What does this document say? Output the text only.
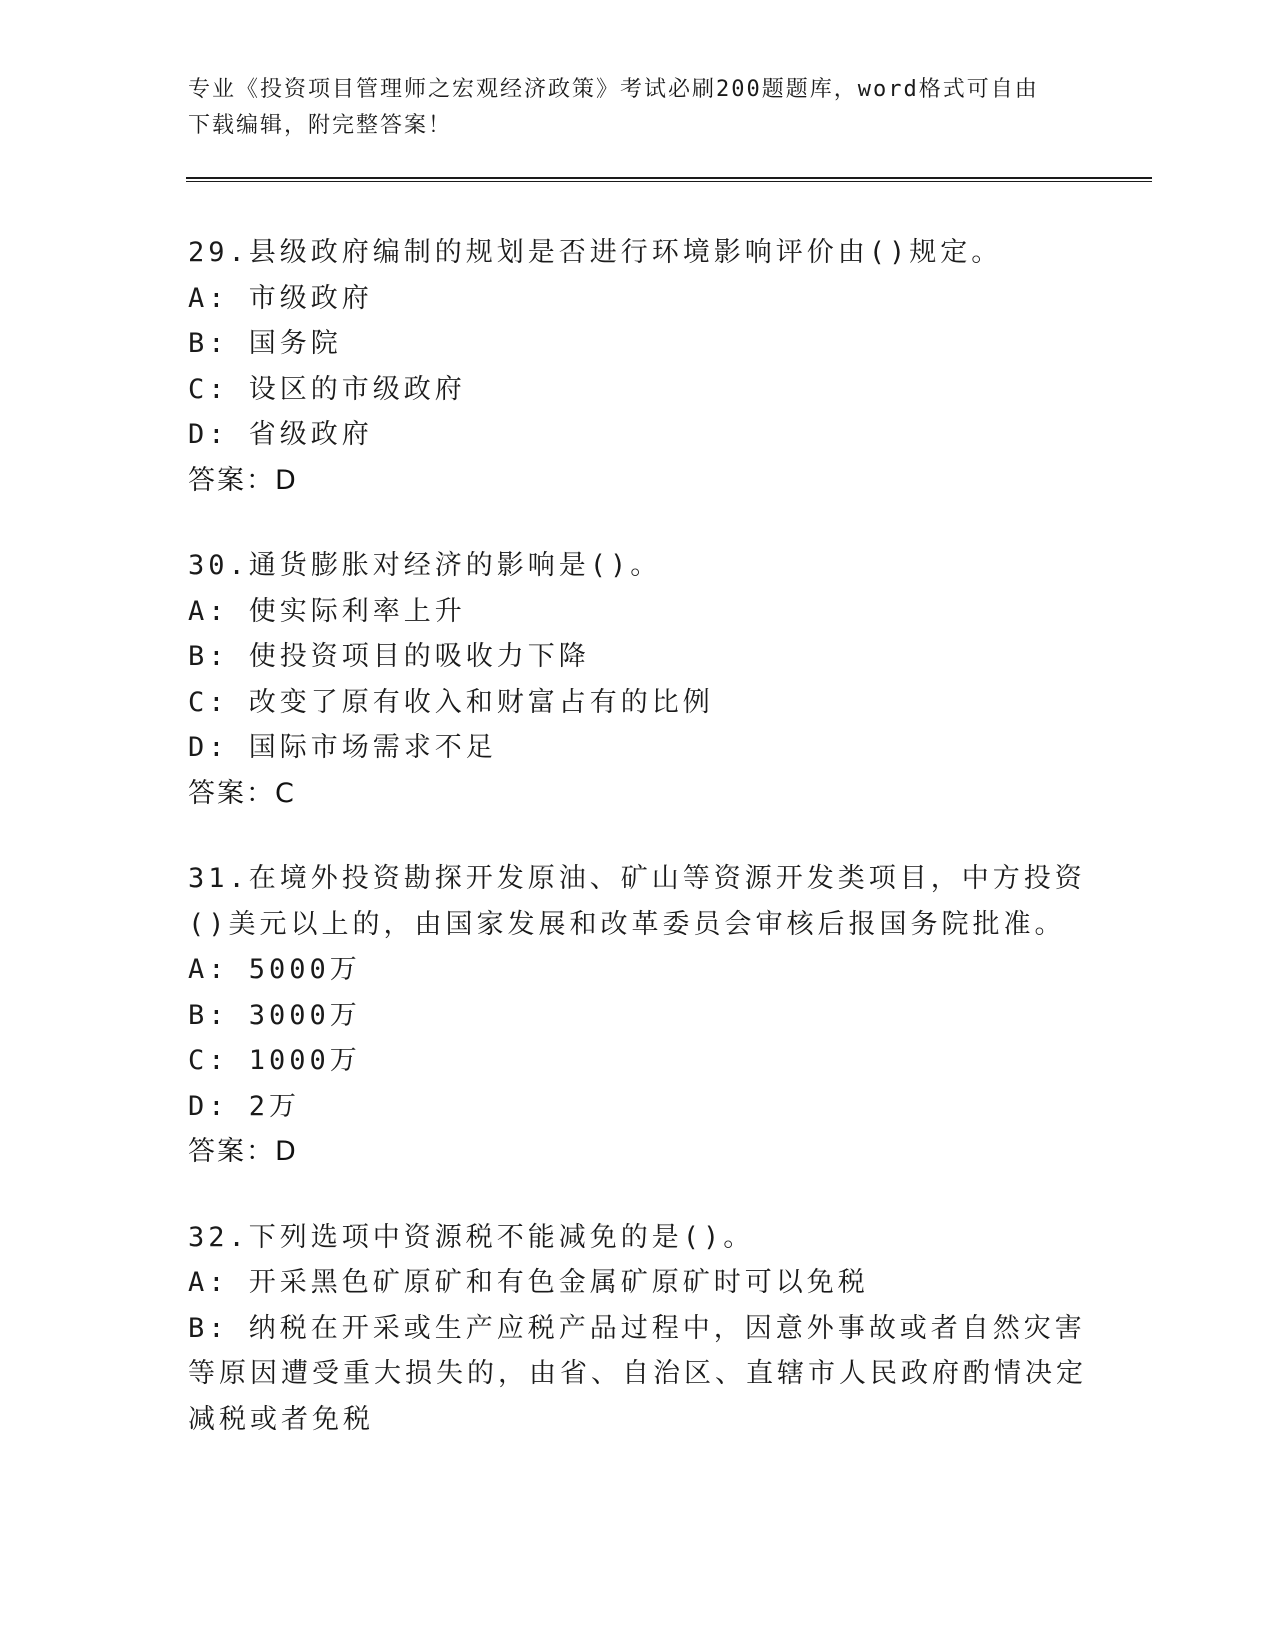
专业《投资项目管理师之宏观经济政策》考试必刷200题题库，word格式可自由
下载编辑，附完整答案！

29.县级政府编制的规划是否进行环境影响评价由()规定。

A: 市级政府

B: 国务院

C: 设区的市级政府

D: 省级政府

答案：D

30.通货膨胀对经济的影响是()。

A: 使实际利率上升

B: 使投资项目的吸收力下降

C: 改变了原有收入和财富占有的比例

D: 国际市场需求不足

答案：C

31.在境外投资勘探开发原油、矿山等资源开发类项目，中方投资()美元以上的，由国家发展和改革委员会审核后报国务院批准。

A: 5000万

B: 3000万

C: 1000万

D: 2万

答案：D

32.下列选项中资源税不能减免的是()。

A: 开采黑色矿原矿和有色金属矿原矿时可以免税

B: 纳税在开采或生产应税产品过程中，因意外事故或者自然灾害等原因遭受重大损失的，由省、自治区、直辖市人民政府酌情决定减税或者免税
